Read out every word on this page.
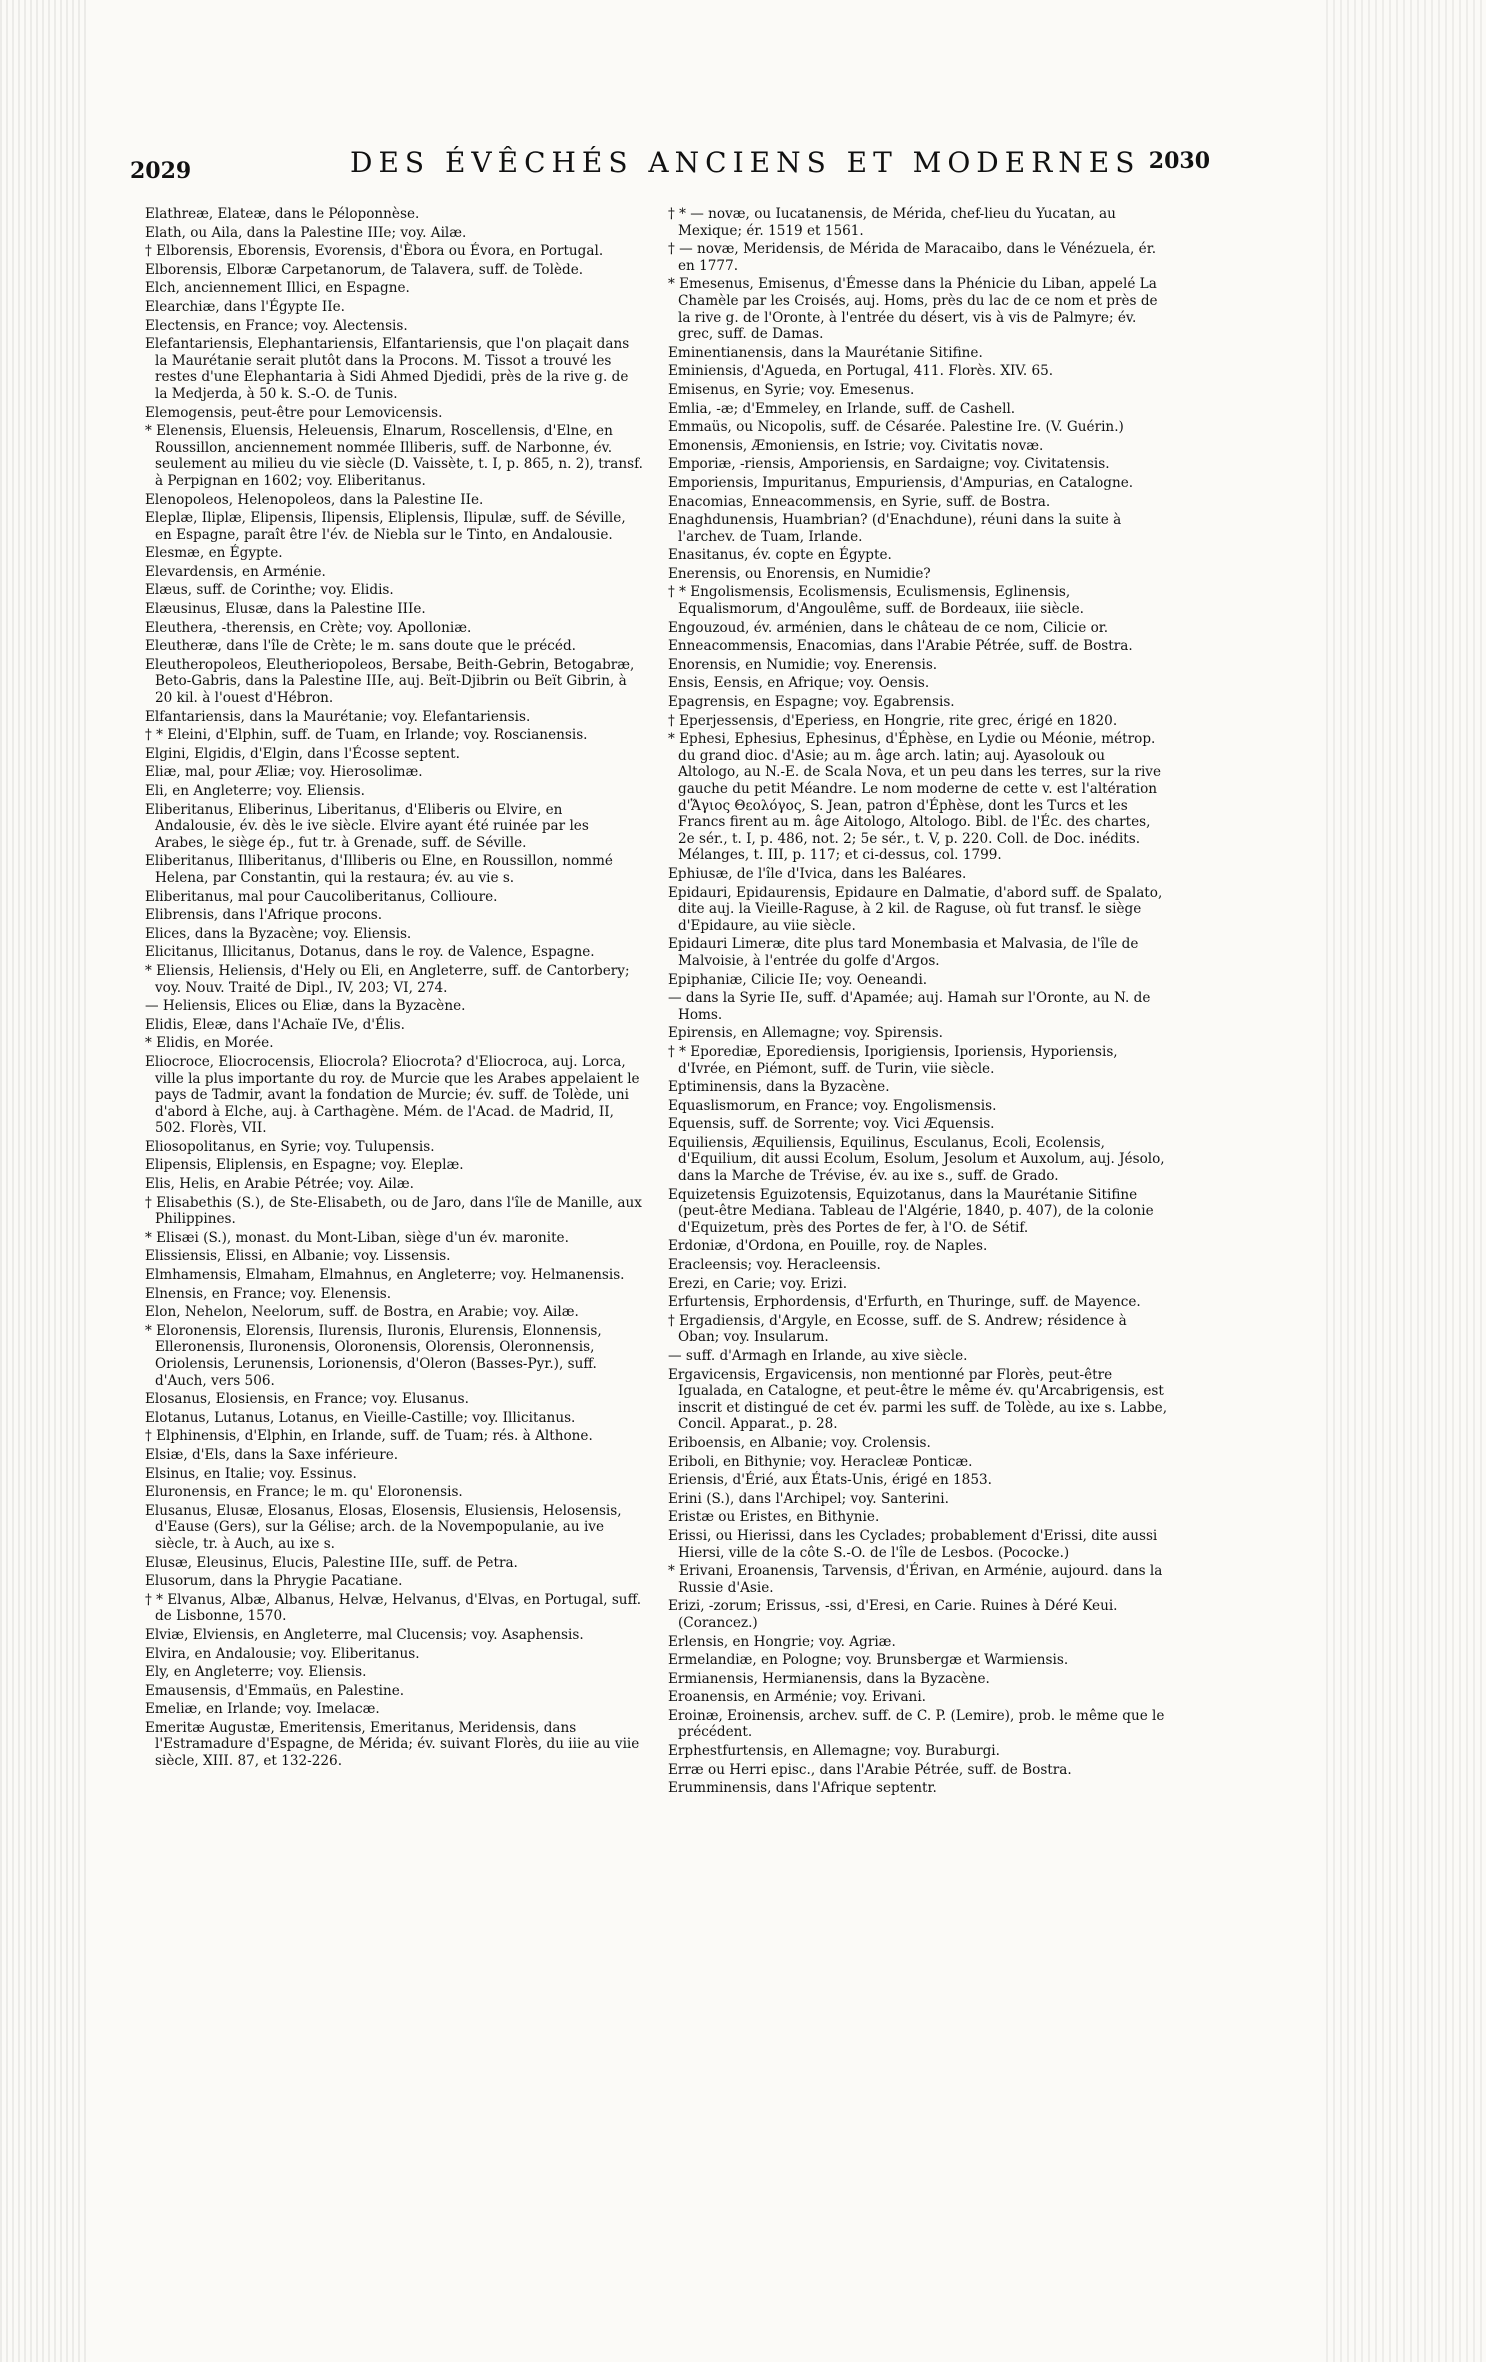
2029	DES ÉVÊCHÉS ANCIENS ET MODERNES 2030
Elathreæ, Elateæ, dans le Péloponnèse.
Elath, ou Aila, dans la Palestine IIIe; voy. Ailæ.
† Elborensis, Eborensis, Evorensis, d'Èbora ou Évora, en Portugal.
Elborensis, Elboræ Carpetanorum, de Talavera, suff. de Tolède.
Elch, anciennement Illici, en Espagne.
Elearchiæ, dans l'Égypte IIe.
Electensis, en France; voy. Alectensis.
Elefantariensis, Elephantariensis, Elfantariensis, que l'on plaçait dans la Maurétanie serait plutôt dans la Procons. M. Tissot a trouvé les restes d'une Elephantaria à Sidi Ahmed Djedidi, près de la rive g. de la Medjerda, à 50 k. S.-O. de Tunis.
Elemogensis, peut-être pour Lemovicensis.
* Elenensis, Eluensis, Heleuensis, Elnarum, Roscellensis, d'Elne, en Roussillon, anciennement nommée Illiberis, suff. de Narbonne, év. seulement au milieu du vie siècle (D. Vaissète, t. I, p. 865, n. 2), transf. à Perpignan en 1602; voy. Eliberitanus.
Elenopoleos, Helenopoleos, dans la Palestine IIe.
Eleplæ, Iliplæ, Elipensis, Ilipensis, Eliplensis, Ilipulæ, suff. de Séville, en Espagne, paraît être l'év. de Niebla sur le Tinto, en Andalousie.
Elesmæ, en Égypte.
Elevardensis, en Arménie.
Elæus, suff. de Corinthe; voy. Elidis.
Elæusinus, Elusæ, dans la Palestine IIIe.
Eleuthera, -therensis, en Crète; voy. Apolloniæ.
Eleutheræ, dans l'île de Crète; le m. sans doute que le précéd.
Eleutheropoleos, Eleutheriopoleos, Bersabe, Beith-Gebrin, Betogabræ, Beto-Gabris, dans la Palestine IIIe, auj. Beït-Djibrin ou Beït Gibrin, à 20 kil. à l'ouest d'Hébron.
Elfantariensis, dans la Maurétanie; voy. Elefantariensis.
† * Eleini, d'Elphin, suff. de Tuam, en Irlande; voy. Roscianensis.
Elgini, Elgidis, d'Elgin, dans l'Écosse septent.
Eliæ, mal, pour Æliæ; voy. Hierosolimæ.
Eli, en Angleterre; voy. Eliensis.
Eliberitanus, Eliberinus, Liberitanus, d'Eliberis ou Elvire, en Andalousie, év. dès le ive siècle. Elvire ayant été ruinée par les Arabes, le siège ép., fut tr. à Grenade, suff. de Séville.
Eliberitanus, Illiberitanus, d'Illiberis ou Elne, en Roussillon, nommé Helena, par Constantin, qui la restaura; év. au vie s.
Eliberitanus, mal pour Caucoliberitanus, Collioure.
Elibrensis, dans l'Afrique procons.
Elices, dans la Byzacène; voy. Eliensis.
Elicitanus, Illicitanus, Dotanus, dans le roy. de Valence, Espagne.
* Eliensis, Heliensis, d'Hely ou Eli, en Angleterre, suff. de Cantorbery; voy. Nouv. Traité de Dipl., IV, 203; VI, 274.
— Heliensis, Elices ou Eliæ, dans la Byzacène.
Elidis, Eleæ, dans l'Achaïe IVe, d'Élis.
* Elidis, en Morée.
Eliocroce, Eliocrocensis, Eliocrola? Eliocrota? d'Eliocroca, auj. Lorca, ville la plus importante du roy. de Murcie que les Arabes appelaient le pays de Tadmir, avant la fondation de Murcie; év. suff. de Tolède, uni d'abord à Elche, auj. à Carthagène. Mém. de l'Acad. de Madrid, II, 502. Florès, VII.
Eliosopolitanus, en Syrie; voy. Tulupensis.
Elipensis, Eliplensis, en Espagne; voy. Eleplæ.
Elis, Helis, en Arabie Pétrée; voy. Ailæ.
† Elisabethis (S.), de Ste-Elisabeth, ou de Jaro, dans l'île de Manille, aux Philippines.
* Elisæi (S.), monast. du Mont-Liban, siège d'un év. maronite.
Elissiensis, Elissi, en Albanie; voy. Lissensis.
Elmhamensis, Elmaham, Elmahnus, en Angleterre; voy. Helmanensis.
Elnensis, en France; voy. Elenensis.
Elon, Nehelon, Neelorum, suff. de Bostra, en Arabie; voy. Ailæ.
* Eloronensis, Elorensis, Ilurensis, Iluronis, Elurensis, Elonnensis, Elleronensis, Iluronensis, Oloronensis, Olorensis, Oleronnensis, Oriolensis, Lerunensis, Lorionensis, d'Oleron (Basses-Pyr.), suff. d'Auch, vers 506.
Elosanus, Elosiensis, en France; voy. Elusanus.
Elotanus, Lutanus, Lotanus, en Vieille-Castille; voy. Illicitanus.
† Elphinensis, d'Elphin, en Irlande, suff. de Tuam; rés. à Althone.
Elsiæ, d'Els, dans la Saxe inférieure.
Elsinus, en Italie; voy. Essinus.
Eluronensis, en France; le m. qu' Eloronensis.
Elusanus, Elusæ, Elosanus, Elosas, Elosensis, Elusiensis, Helosensis, d'Eause (Gers), sur la Gélise; arch. de la Novempopulanie, au ive siècle, tr. à Auch, au ixe s.
Elusæ, Eleusinus, Elucis, Palestine IIIe, suff. de Petra.
Elusorum, dans la Phrygie Pacatiane.
† * Elvanus, Albæ, Albanus, Helvæ, Helvanus, d'Elvas, en Portugal, suff. de Lisbonne, 1570.
Elviæ, Elviensis, en Angleterre, mal Clucensis; voy. Asaphensis.
Elvira, en Andalousie; voy. Eliberitanus.
Ely, en Angleterre; voy. Eliensis.
Emausensis, d'Emmaüs, en Palestine.
Emeliæ, en Irlande; voy. Imelacæ.
Emeritæ Augustæ, Emeritensis, Emeritanus, Meridensis, dans l'Estramadure d'Espagne, de Mérida; év. suivant Florès, du iiie au viie siècle, XIII. 87, et 132-226.
† * — novæ, ou Iucatanensis, de Mérida, chef-lieu du Yucatan, au Mexique; ér. 1519 et 1561.
† — novæ, Meridensis, de Mérida de Maracaibo, dans le Vénézuela, ér. en 1777.
* Emesenus, Emisenus, d'Émesse dans la Phénicie du Liban, appelé La Chamèle par les Croisés, auj. Homs, près du lac de ce nom et près de la rive g. de l'Oronte, à l'entrée du désert, vis à vis de Palmyre; év. grec, suff. de Damas.
Eminentianensis, dans la Maurétanie Sitifine.
Eminiensis, d'Agueda, en Portugal, 411. Florès. XIV. 65.
Emisenus, en Syrie; voy. Emesenus.
Emlia, -æ; d'Emmeley, en Irlande, suff. de Cashell.
Emmaüs, ou Nicopolis, suff. de Césarée. Palestine Ire. (V. Guérin.)
Emonensis, Æmoniensis, en Istrie; voy. Civitatis novæ.
Emporiæ, -riensis, Amporiensis, en Sardaigne; voy. Civitatensis.
Emporiensis, Impuritanus, Empuriensis, d'Ampurias, en Catalogne.
Enacomias, Enneacommensis, en Syrie, suff. de Bostra.
Enaghdunensis, Huambrian? (d'Enachdune), réuni dans la suite à l'archev. de Tuam, Irlande.
Enasitanus, év. copte en Égypte.
Enerensis, ou Enorensis, en Numidie?
† * Engolismensis, Ecolismensis, Eculismensis, Eglinensis, Equalismorum, d'Angoulême, suff. de Bordeaux, iiie siècle.
Engouzoud, év. arménien, dans le château de ce nom, Cilicie or.
Enneacommensis, Enacomias, dans l'Arabie Pétrée, suff. de Bostra.
Enorensis, en Numidie; voy. Enerensis.
Ensis, Eensis, en Afrique; voy. Oensis.
Epagrensis, en Espagne; voy. Egabrensis.
† Eperjessensis, d'Eperiess, en Hongrie, rite grec, érigé en 1820.
* Ephesi, Ephesius, Ephesinus, d'Éphèse, en Lydie ou Méonie, métrop. du grand dioc. d'Asie; au m. âge arch. latin; auj. Ayasolouk ou Altologo, au N.-E. de Scala Nova, et un peu dans les terres, sur la rive gauche du petit Méandre. Le nom moderne de cette v. est l'altération d'Ἅγιος Θεολόγος, S. Jean, patron d'Éphèse, dont les Turcs et les Francs firent au m. âge Aitologo, Altologo. Bibl. de l'Éc. des chartes, 2e sér., t. I, p. 486, not. 2; 5e sér., t. V, p. 220. Coll. de Doc. inédits. Mélanges, t. III, p. 117; et ci-dessus, col. 1799.
Ephiusæ, de l'île d'Ivica, dans les Baléares.
Epidauri, Epidaurensis, Epidaure en Dalmatie, d'abord suff. de Spalato, dite auj. la Vieille-Raguse, à 2 kil. de Raguse, où fut transf. le siège d'Epidaure, au viie siècle.
Epidauri Limeræ, dite plus tard Monembasia et Malvasia, de l'île de Malvoisie, à l'entrée du golfe d'Argos.
Epiphaniæ, Cilicie IIe; voy. Oeneandi.
— dans la Syrie IIe, suff. d'Apamée; auj. Hamah sur l'Oronte, au N. de Homs.
Epirensis, en Allemagne; voy. Spirensis.
† * Eporediæ, Eporediensis, Iporigiensis, Iporiensis, Hyporiensis, d'Ivrée, en Piémont, suff. de Turin, viie siècle.
Eptiminensis, dans la Byzacène.
Equaslismorum, en France; voy. Engolismensis.
Equensis, suff. de Sorrente; voy. Vici Æquensis.
Equiliensis, Æquiliensis, Equilinus, Esculanus, Ecoli, Ecolensis, d'Equilium, dit aussi Ecolum, Esolum, Jesolum et Auxolum, auj. Jésolo, dans la Marche de Trévise, év. au ixe s., suff. de Grado.
Equizetensis Eguizotensis, Equizotanus, dans la Maurétanie Sitifine (peut-être Mediana. Tableau de l'Algérie, 1840, p. 407), de la colonie d'Equizetum, près des Portes de fer, à l'O. de Sétif.
Erdoniæ, d'Ordona, en Pouille, roy. de Naples.
Eracleensis; voy. Heracleensis.
Erezi, en Carie; voy. Erizi.
Erfurtensis, Erphordensis, d'Erfurth, en Thuringe, suff. de Mayence.
† Ergadiensis, d'Argyle, en Ecosse, suff. de S. Andrew; résidence à Oban; voy. Insularum.
— suff. d'Armagh en Irlande, au xive siècle.
Ergavicensis, Ergavicensis, non mentionné par Florès, peut-être Igualada, en Catalogne, et peut-être le même év. qu'Arcabrigensis, est inscrit et distingué de cet év. parmi les suff. de Tolède, au ixe s. Labbe, Concil. Apparat., p. 28.
Eriboensis, en Albanie; voy. Crolensis.
Eriboli, en Bithynie; voy. Heracleæ Ponticæ.
Eriensis, d'Érié, aux États-Unis, érigé en 1853.
Erini (S.), dans l'Archipel; voy. Santerini.
Eristæ ou Eristes, en Bithynie.
Erissi, ou Hierissi, dans les Cyclades; probablement d'Erissi, dite aussi Hiersi, ville de la côte S.-O. de l'île de Lesbos. (Pococke.)
* Erivani, Eroanensis, Tarvensis, d'Érivan, en Arménie, aujourd. dans la Russie d'Asie.
Erizi, -zorum; Erissus, -ssi, d'Eresi, en Carie. Ruines à Déré Keui. (Corancez.)
Erlensis, en Hongrie; voy. Agriæ.
Ermelandiæ, en Pologne; voy. Brunsbergæ et Warmiensis.
Ermianensis, Hermianensis, dans la Byzacène.
Eroanensis, en Arménie; voy. Erivani.
Eroinæ, Eroinensis, archev. suff. de C. P. (Lemire), prob. le même que le précédent.
Erphestfurtensis, en Allemagne; voy. Buraburgi.
Erræ ou Herri episc., dans l'Arabie Pétrée, suff. de Bostra.
Erumminensis, dans l'Afrique septentr.
